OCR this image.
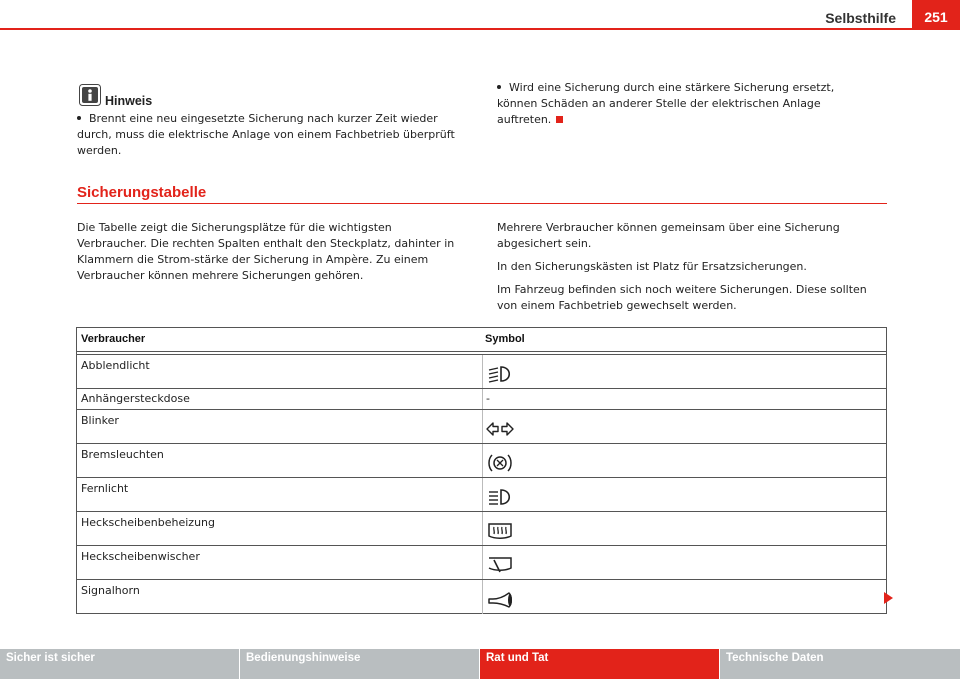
Selbsthilfe	251
Hinweis
Brennt eine neu eingesetzte Sicherung nach kurzer Zeit wieder durch, muss die elektrische Anlage von einem Fachbetrieb überprüft werden.
Wird eine Sicherung durch eine stärkere Sicherung ersetzt, können Schäden an anderer Stelle der elektrischen Anlage auftreten.
Sicherungstabelle
Die Tabelle zeigt die Sicherungsplätze für die wichtigsten Verbraucher. Die rechten Spalten enthalt den Steckplatz, dahinter in Klammern die Strom-stärke der Sicherung in Ampère. Zu einem Verbraucher können mehrere Sicherungen gehören.
Mehrere Verbraucher können gemeinsam über eine Sicherung abgesichert sein.
In den Sicherungskästen ist Platz für Ersatzsicherungen.
Im Fahrzeug befinden sich noch weitere Sicherungen. Diese sollten von einem Fachbetrieb gewechselt werden.
Verbraucher	Symbol
Abblendlicht
Anhängersteckdose	-
Blinker
Bremsleuchten
Fernlicht
Heckscheibenbeheizung
Heckscheibenwischer
Signalhorn
Sicher ist sicher	Bedienungshinweise	Rat und Tat	Technische Daten
